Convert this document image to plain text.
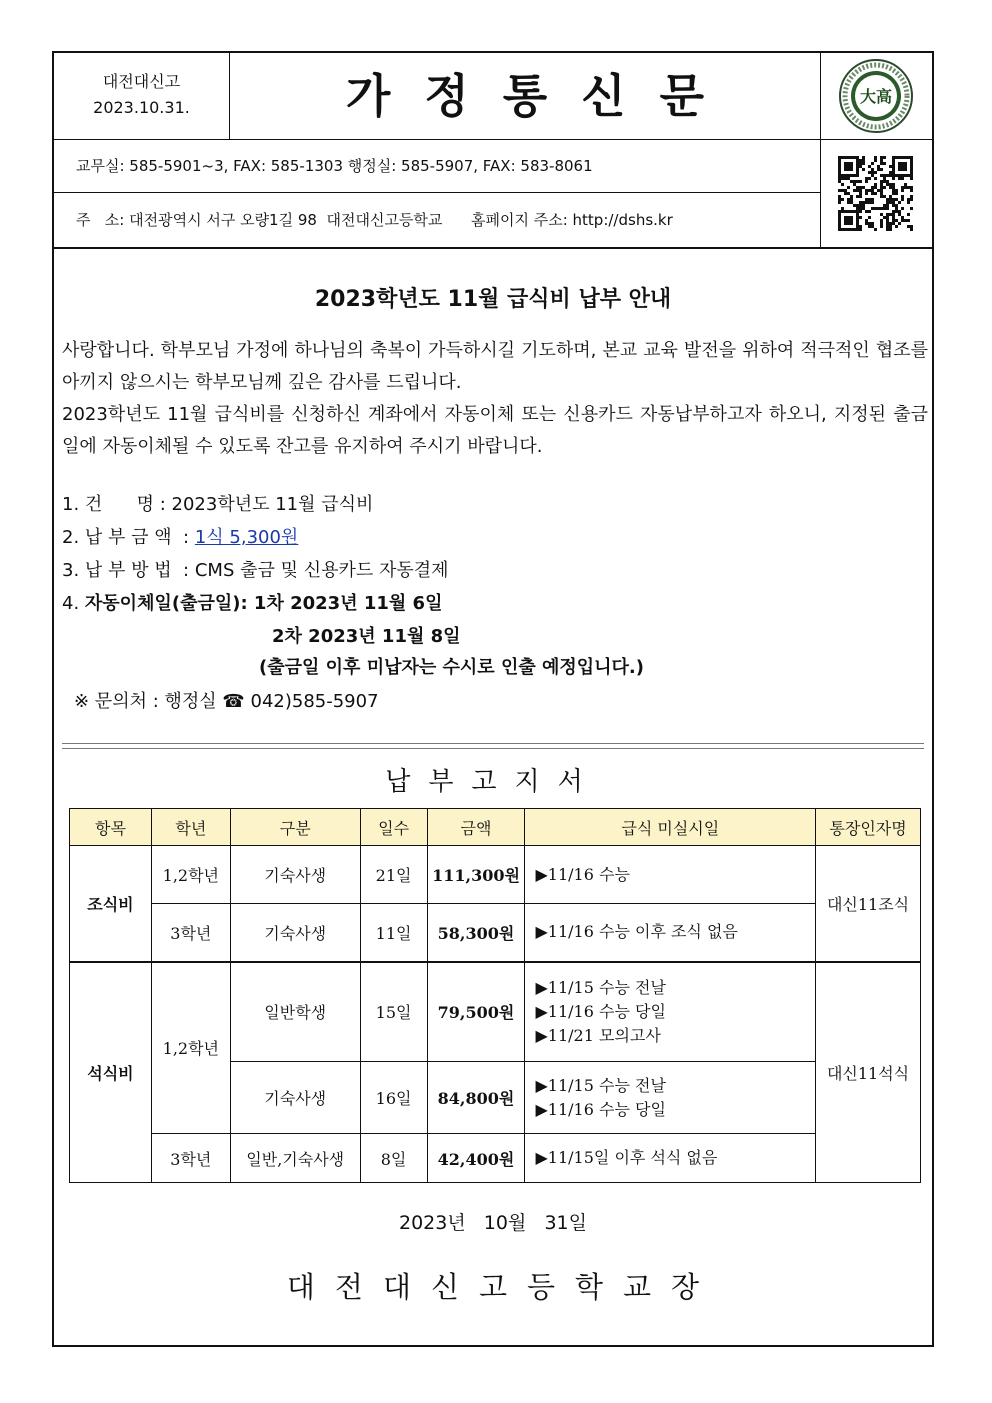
대전대신고
2023.10.31.	가정통신문	大高
교무실: 585-5901~3, FAX: 585-1303 행정실: 585-5907, FAX: 583-8061
주   소: 대전광역시 서구 오량1길 98  대전대신고등학교      홈페이지 주소: http://dshs.kr
2023학년도 11월 급식비 납부 안내
사랑합니다. 학부모님 가정에 하나님의 축복이 가득하시길 기도하며, 본교 교육 발전을 위하여 적극적인 협조를 아끼지 않으시는 학부모님께 깊은 감사를 드립니다.
2023학년도 11월 급식비를 신청하신 계좌에서 자동이체 또는 신용카드 자동납부하고자 하오니, 지정된 출금일에 자동이체될 수 있도록 잔고를 유지하여 주시기 바랍니다.
1. 건      명 : 2023학년도 11월 급식비
2. 납 부 금 액  : 1식 5,300원
3. 납 부 방 법  : CMS 출금 및 신용카드 자동결제
4. 자동이체일(출금일): 1차 2023년 11월 6일
2차 2023년 11월 8일
(출금일 이후 미납자는 수시로 인출 예정입니다.)
※ 문의처 : 행정실 ☎ 042)585-5907
납부고지서
항목	학년	구분	일수	금액	급식 미실시일	통장인자명
조식비	1,2학년	기숙사생	21일	111,300원	▶11/16 수능	대신11조식
	3학년	기숙사생	11일	58,300원	▶11/16 수능 이후 조식 없음	
석식비	1,2학년	일반학생	15일	79,500원	▶11/15 수능 전날
▶11/16 수능 당일
▶11/21 모의고사	대신11석식
		기숙사생	16일	84,800원	▶11/15 수능 전날
▶11/16 수능 당일	

	3학년	일반,기숙사생	8일	42,400원	▶11/15일 이후 석식 없음	
2023년   10월   31일
대전대신고등학교장
